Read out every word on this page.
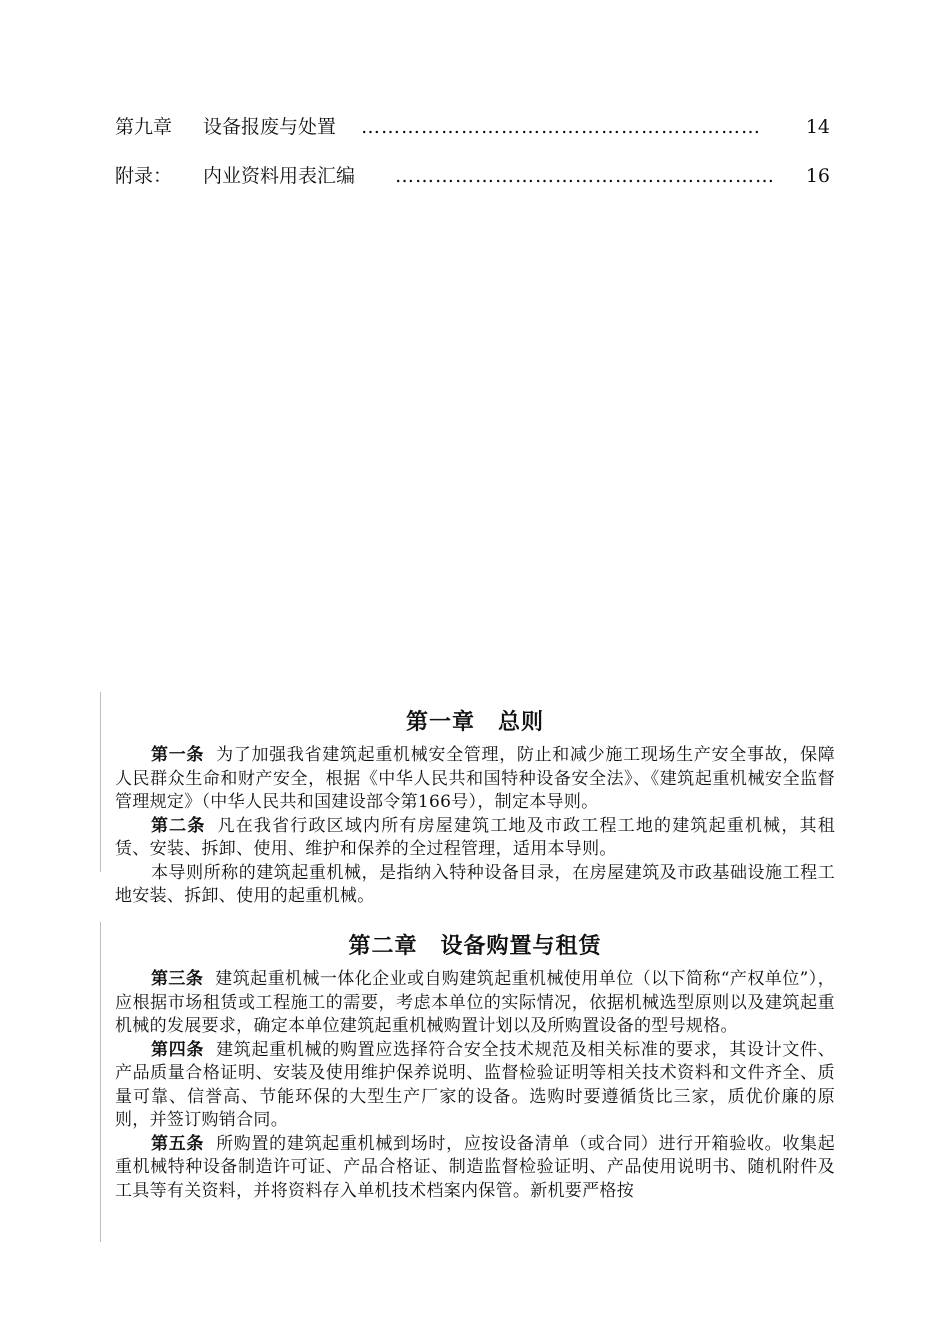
第九章 设备报废与处置 ……………………………………………………	14
附录： 内业资料用表汇编 …………………………………………………	16
第一章　总则

第一条 为了加强我省建筑起重机械安全管理，防止和减少施工现场生产安全事故，保障人民群众生命和财产安全，根据《中华人民共和国特种设备安全法》、《建筑起重机械安全监督管理规定》（中华人民共和国建设部令第166号），制定本导则。

第二条 凡在我省行政区域内所有房屋建筑工地及市政工程工地的建筑起重机械，其租赁、安装、拆卸、使用、维护和保养的全过程管理，适用本导则。

本导则所称的建筑起重机械，是指纳入特种设备目录，在房屋建筑及市政基础设施工程工地安装、拆卸、使用的起重机械。

第二章　设备购置与租赁

第三条 建筑起重机械一体化企业或自购建筑起重机械使用单位（以下简称“产权单位”），应根据市场租赁或工程施工的需要，考虑本单位的实际情况，依据机械选型原则以及建筑起重机械的发展要求，确定本单位建筑起重机械购置计划以及所购置设备的型号规格。

第四条 建筑起重机械的购置应选择符合安全技术规范及相关标准的要求，其设计文件、产品质量合格证明、安装及使用维护保养说明、监督检验证明等相关技术资料和文件齐全、质量可靠、信誉高、节能环保的大型生产厂家的设备。选购时要遵循货比三家，质优价廉的原则，并签订购销合同。

第五条 所购置的建筑起重机械到场时，应按设备清单（或合同）进行开箱验收。收集起重机械特种设备制造许可证、产品合格证、制造监督检验证明、产品使用说明书、随机附件及工具等有关资料，并将资料存入单机技术档案内保管。新机要严格按
